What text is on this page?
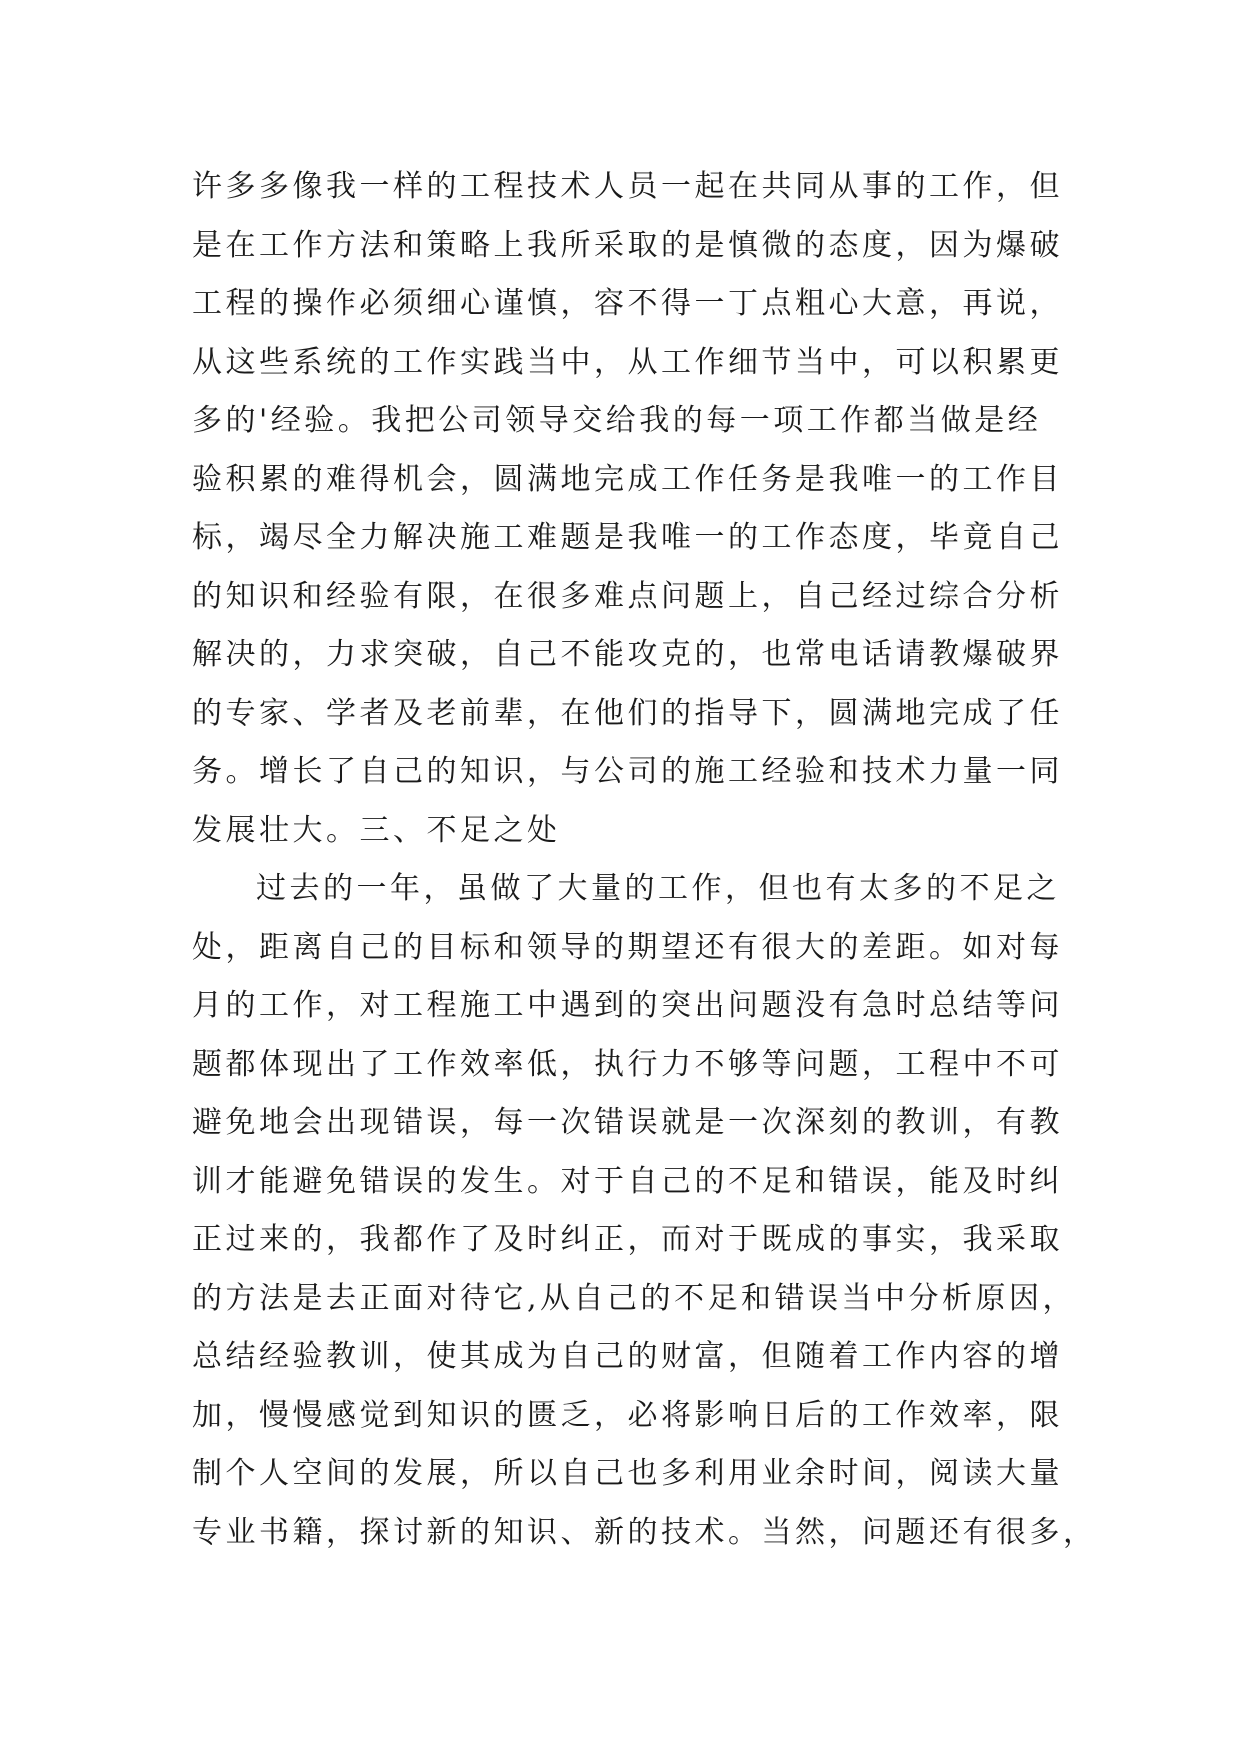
许多多像我一样的工程技术人员一起在共同从事的工作，但
是在工作方法和策略上我所采取的是慎微的态度，因为爆破
工程的操作必须细心谨慎，容不得一丁点粗心大意，再说，
从这些系统的工作实践当中，从工作细节当中，可以积累更
多的'经验。我把公司领导交给我的每一项工作都当做是经
验积累的难得机会，圆满地完成工作任务是我唯一的工作目
标，竭尽全力解决施工难题是我唯一的工作态度，毕竟自己
的知识和经验有限，在很多难点问题上，自己经过综合分析
解决的，力求突破，自己不能攻克的，也常电话请教爆破界
的专家、学者及老前辈，在他们的指导下，圆满地完成了任
务。增长了自己的知识，与公司的施工经验和技术力量一同
发展壮大。三、不足之处
过去的一年，虽做了大量的工作，但也有太多的不足之
处，距离自己的目标和领导的期望还有很大的差距。如对每
月的工作，对工程施工中遇到的突出问题没有急时总结等问
题都体现出了工作效率低，执行力不够等问题，工程中不可
避免地会出现错误，每一次错误就是一次深刻的教训，有教
训才能避免错误的发生。对于自己的不足和错误，能及时纠
正过来的，我都作了及时纠正，而对于既成的事实，我采取
的方法是去正面对待它,从自己的不足和错误当中分析原因，
总结经验教训，使其成为自己的财富，但随着工作内容的增
加，慢慢感觉到知识的匮乏，必将影响日后的工作效率，限
制个人空间的发展，所以自己也多利用业余时间，阅读大量
专业书籍，探讨新的知识、新的技术。当然，问题还有很多，
